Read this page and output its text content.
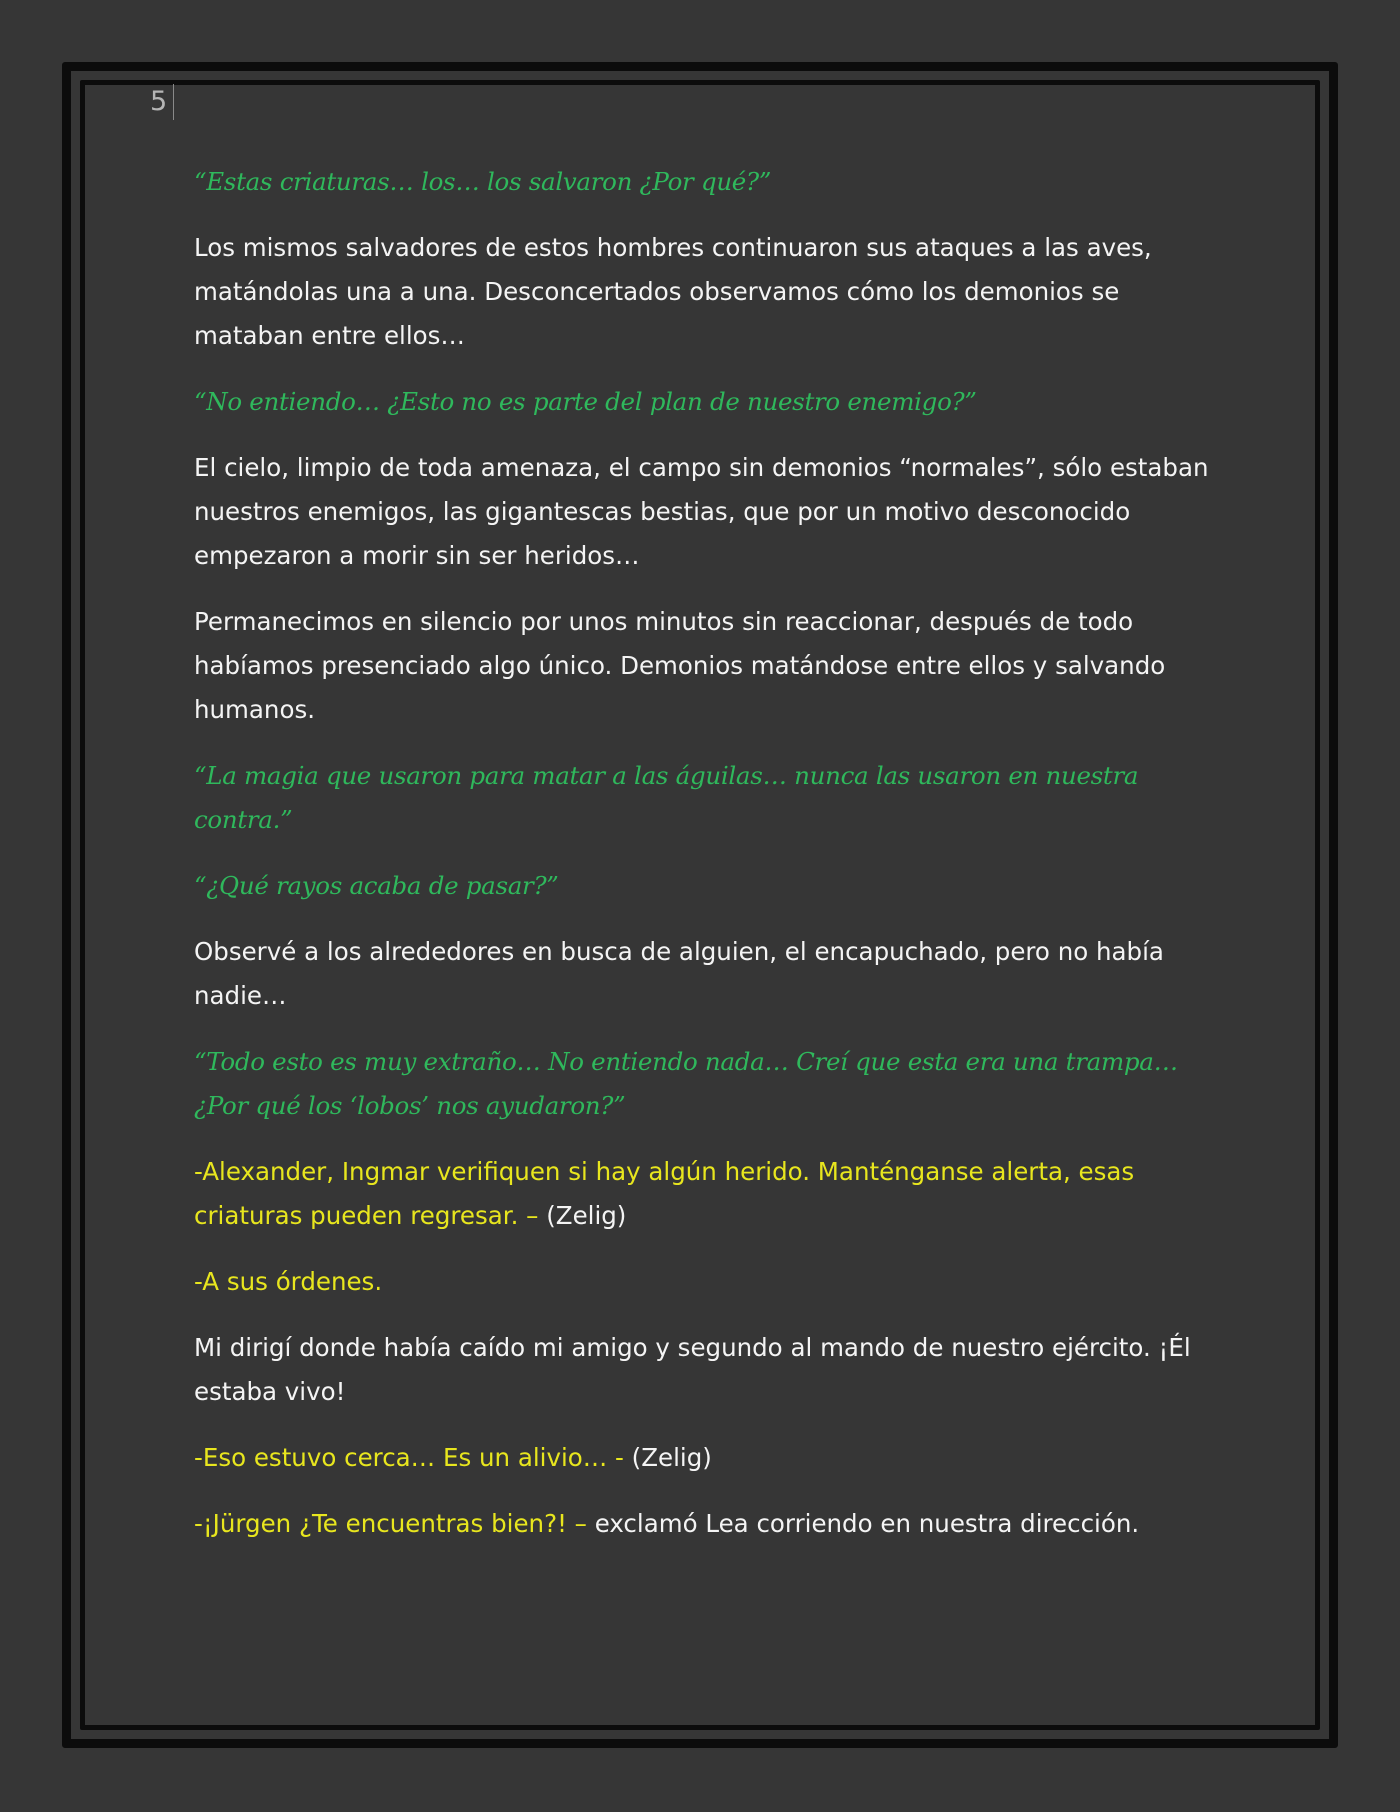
5

“Estas criaturas… los… los salvaron ¿Por qué?”

Los mismos salvadores de estos hombres continuaron sus ataques a las aves, matándolas una a una. Desconcertados observamos cómo los demonios se mataban entre ellos…

“No entiendo… ¿Esto no es parte del plan de nuestro enemigo?”

El cielo, limpio de toda amenaza, el campo sin demonios “normales”, sólo estaban nuestros enemigos, las gigantescas bestias, que por un motivo desconocido empezaron a morir sin ser heridos…

Permanecimos en silencio por unos minutos sin reaccionar, después de todo habíamos presenciado algo único. Demonios matándose entre ellos y salvando humanos.

“La magia que usaron para matar a las águilas… nunca las usaron en nuestra contra.”

“¿Qué rayos acaba de pasar?”

Observé a los alrededores en busca de alguien, el encapuchado, pero no había nadie…

“Todo esto es muy extraño… No entiendo nada… Creí que esta era una trampa… ¿Por qué los ‘lobos’ nos ayudaron?”

-Alexander, Ingmar verifiquen si hay algún herido. Manténganse alerta, esas criaturas pueden regresar. – (Zelig)

-A sus órdenes.

Mi dirigí donde había caído mi amigo y segundo al mando de nuestro ejército. ¡Él estaba vivo!

-Eso estuvo cerca… Es un alivio… - (Zelig)

-¡Jürgen ¿Te encuentras bien?! – exclamó Lea corriendo en nuestra dirección.
